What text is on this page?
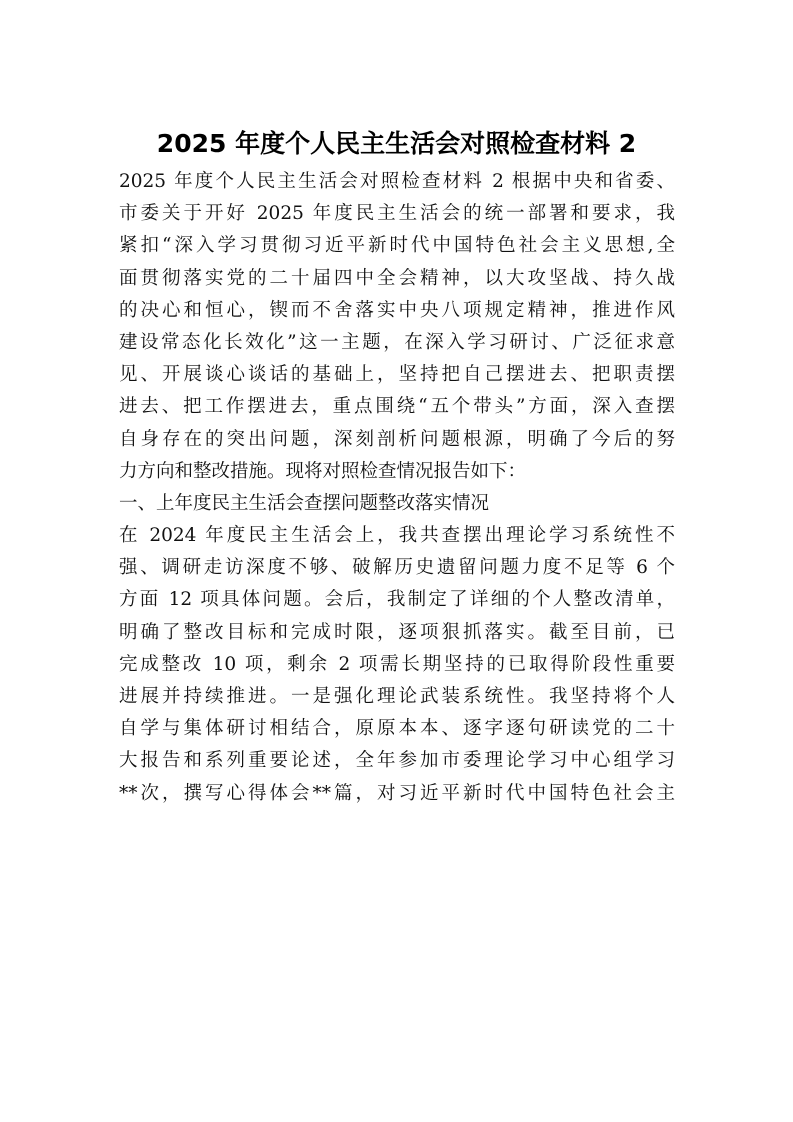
2025 年度个人民主生活会对照检查材料 2

2025 年度个人民主生活会对照检查材料 2 根据中央和省委、

市委关于开好 2025 年度民主生活会的统一部署和要求，我

紧扣“深入学习贯彻习近平新时代中国特色社会主义思想,全

面贯彻落实党的二十届四中全会精神，以大攻坚战、持久战

的决心和恒心，锲而不舍落实中央八项规定精神，推进作风

建设常态化长效化”这一主题，在深入学习研讨、广泛征求意

见、开展谈心谈话的基础上，坚持把自己摆进去、把职责摆

进去、把工作摆进去，重点围绕“五个带头”方面，深入查摆

自身存在的突出问题，深刻剖析问题根源，明确了今后的努

力方向和整改措施。现将对照检查情况报告如下：

一、上年度民主生活会查摆问题整改落实情况

在 2024 年度民主生活会上，我共查摆出理论学习系统性不

强、调研走访深度不够、破解历史遗留问题力度不足等 6 个

方面 12 项具体问题。会后，我制定了详细的个人整改清单，

明确了整改目标和完成时限，逐项狠抓落实。截至目前，已

完成整改 10 项，剩余 2 项需长期坚持的已取得阶段性重要

进展并持续推进。一是强化理论武装系统性。我坚持将个人

自学与集体研讨相结合，原原本本、逐字逐句研读党的二十

大报告和系列重要论述，全年参加市委理论学习中心组学习

**次，撰写心得体会**篇，对习近平新时代中国特色社会主
